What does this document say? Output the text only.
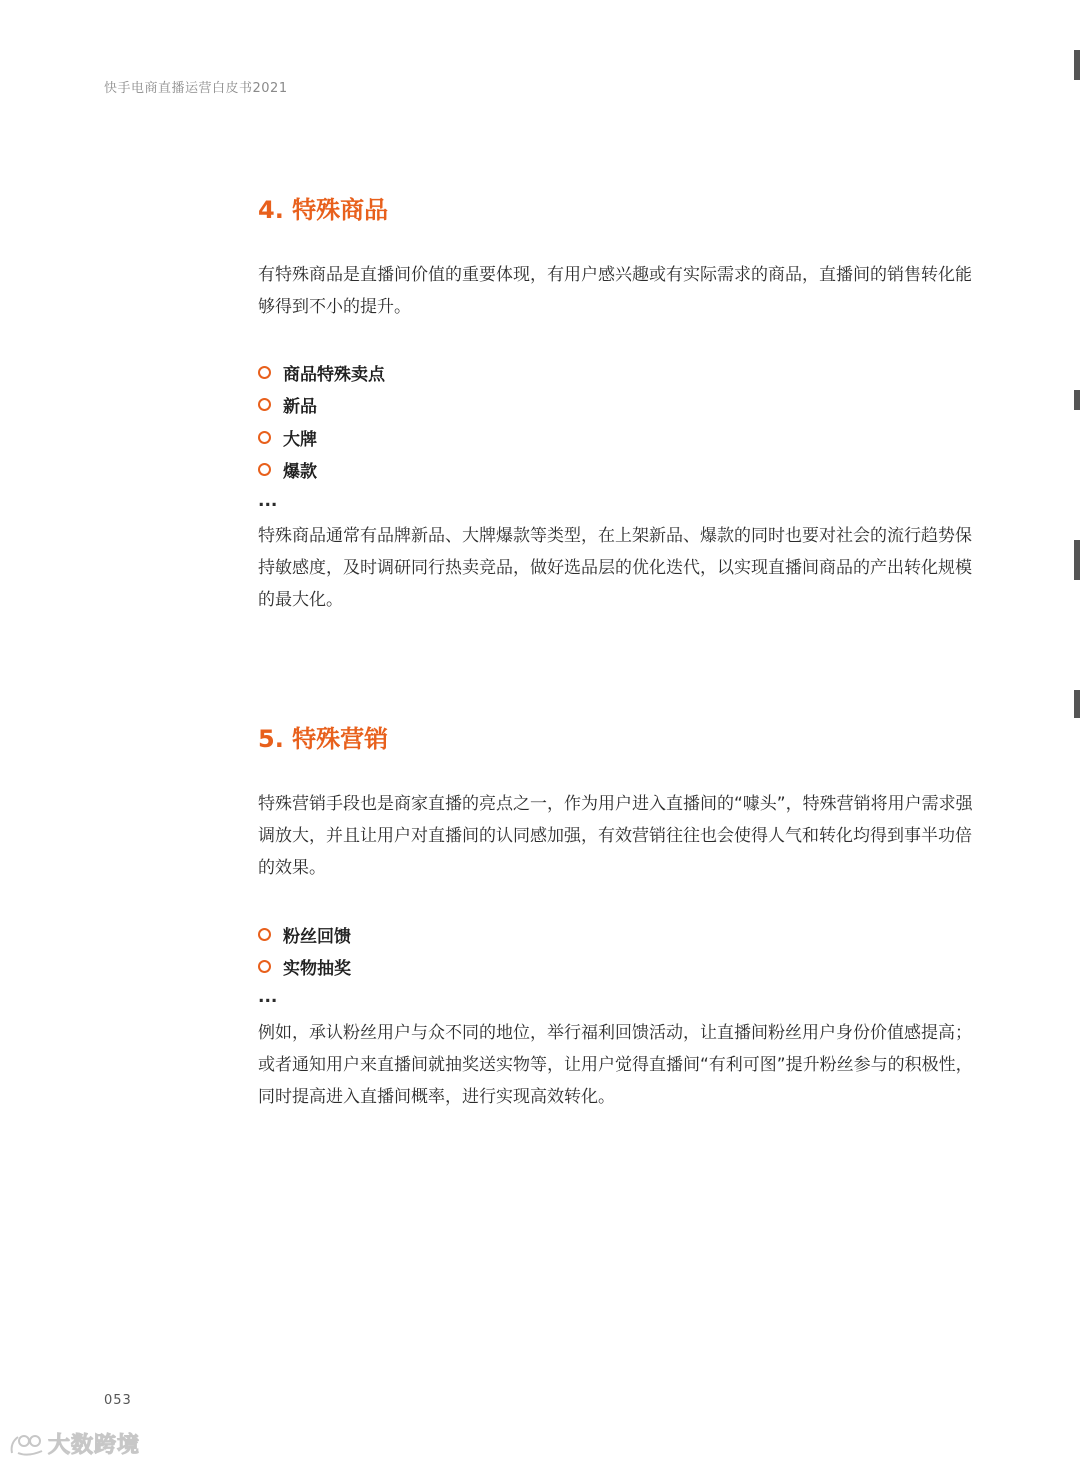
快手电商直播运营白皮书2021
4. 特殊商品
有特殊商品是直播间价值的重要体现，有用户感兴趣或有实际需求的商品，直播间的销售转化能够得到不小的提升。
商品特殊卖点
新品
大牌
爆款
...
特殊商品通常有品牌新品、大牌爆款等类型，在上架新品、爆款的同时也要对社会的流行趋势保持敏感度，及时调研同行热卖竞品，做好选品层的优化迭代，以实现直播间商品的产出转化规模的最大化。
5. 特殊营销
特殊营销手段也是商家直播的亮点之一，作为用户进入直播间的“噱头”，特殊营销将用户需求强调放大，并且让用户对直播间的认同感加强，有效营销往往也会使得人气和转化均得到事半功倍的效果。
粉丝回馈
实物抽奖
...
例如，承认粉丝用户与众不同的地位，举行福利回馈活动，让直播间粉丝用户身份价值感提高；或者通知用户来直播间就抽奖送实物等，让用户觉得直播间“有利可图”提升粉丝参与的积极性，同时提高进入直播间概率，进行实现高效转化。
053
大数跨境
